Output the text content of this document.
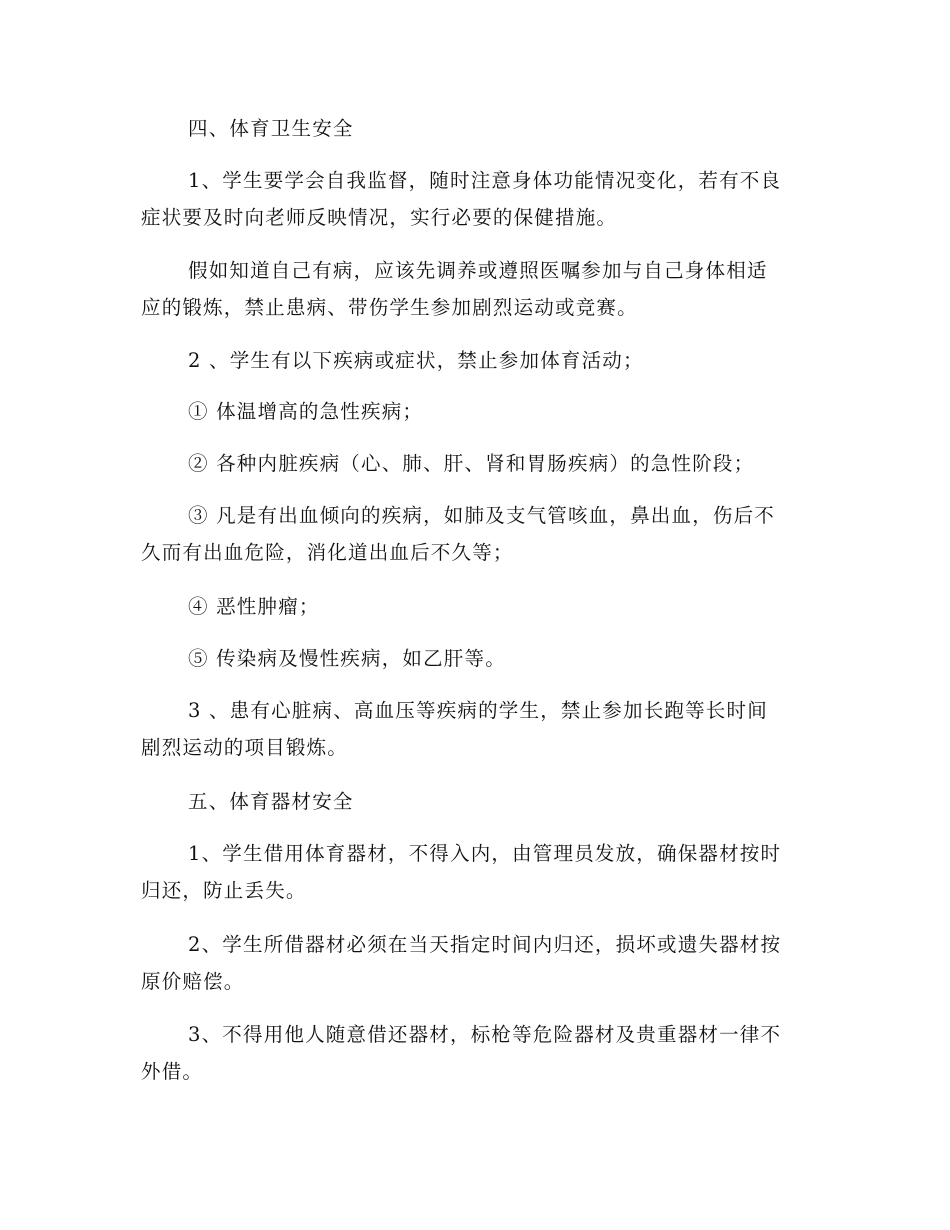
四、体育卫生安全

1、学生要学会自我监督，随时注意身体功能情况变化，若有不良
症状要及时向老师反映情况，实行必要的保健措施。

假如知道自己有病，应该先调养或遵照医嘱参加与自己身体相适
应的锻炼，禁止患病、带伤学生参加剧烈运动或竞赛。

2 、学生有以下疾病或症状，禁止参加体育活动；

① 体温增高的急性疾病；

② 各种内脏疾病（心、肺、肝、肾和胃肠疾病）的急性阶段；

③ 凡是有出血倾向的疾病，如肺及支气管咳血，鼻出血，伤后不
久而有出血危险，消化道出血后不久等；

④ 恶性肿瘤；

⑤ 传染病及慢性疾病，如乙肝等。

3 、患有心脏病、高血压等疾病的学生，禁止参加长跑等长时间
剧烈运动的项目锻炼。

五、体育器材安全

1、学生借用体育器材，不得入内，由管理员发放，确保器材按时
归还，防止丢失。

2、学生所借器材必须在当天指定时间内归还，损坏或遗失器材按
原价赔偿。

3、不得用他人随意借还器材，标枪等危险器材及贵重器材一律不
外借。
